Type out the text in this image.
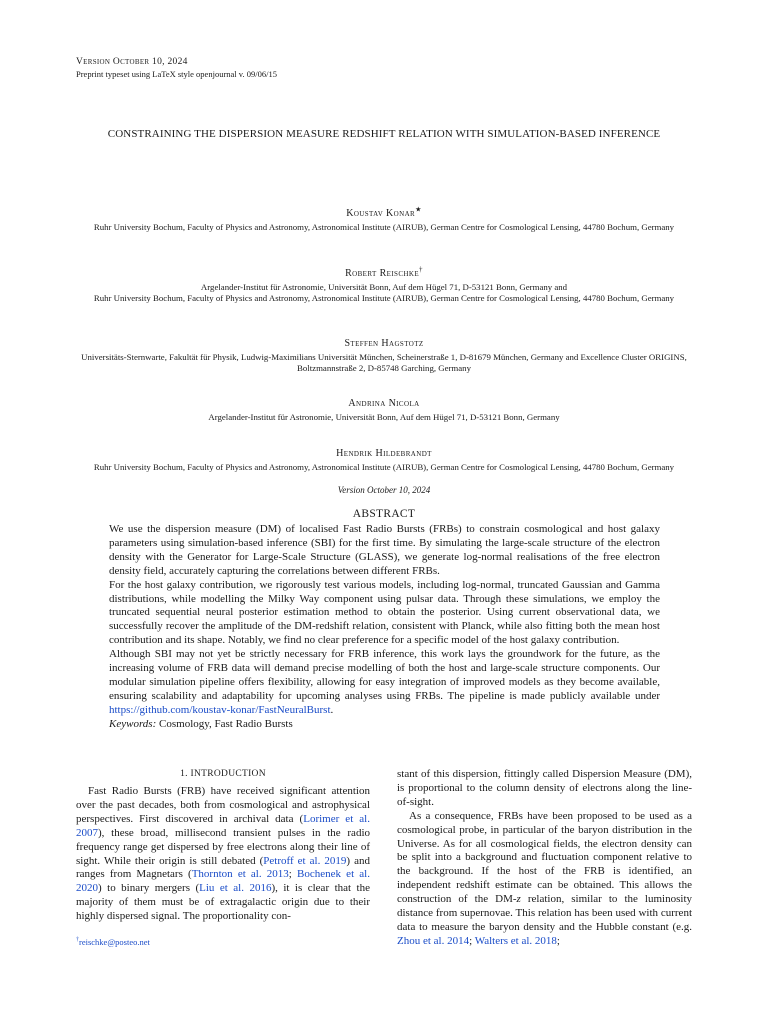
Version October 10, 2024
Preprint typeset using LaTeX style openjournal v. 09/06/15
CONSTRAINING THE DISPERSION MEASURE REDSHIFT RELATION WITH SIMULATION-BASED INFERENCE
Koustav Konar★
Ruhr University Bochum, Faculty of Physics and Astronomy, Astronomical Institute (AIRUB), German Centre for Cosmological Lensing, 44780 Bochum, Germany
Robert Reischke†
Argelander-Institut für Astronomie, Universität Bonn, Auf dem Hügel 71, D-53121 Bonn, Germany and
Ruhr University Bochum, Faculty of Physics and Astronomy, Astronomical Institute (AIRUB), German Centre for Cosmological Lensing, 44780 Bochum, Germany
Steffen Hagstotz
Universitäts-Sternwarte, Fakultät für Physik, Ludwig-Maximilians Universität München, Scheinerstraße 1, D-81679 München, Germany and Excellence Cluster ORIGINS, Boltzmannstraße 2, D-85748 Garching, Germany
Andrina Nicola
Argelander-Institut für Astronomie, Universität Bonn, Auf dem Hügel 71, D-53121 Bonn, Germany
Hendrik Hildebrandt
Ruhr University Bochum, Faculty of Physics and Astronomy, Astronomical Institute (AIRUB), German Centre for Cosmological Lensing, 44780 Bochum, Germany
Version October 10, 2024
ABSTRACT

We use the dispersion measure (DM) of localised Fast Radio Bursts (FRBs) to constrain cosmological and host galaxy parameters using simulation-based inference (SBI) for the first time. By simulating the large-scale structure of the electron density with the Generator for Large-Scale Structure (GLASS), we generate log-normal realisations of the free electron density field, accurately capturing the correlations between different FRBs.

For the host galaxy contribution, we rigorously test various models, including log-normal, truncated Gaussian and Gamma distributions, while modelling the Milky Way component using pulsar data. Through these simulations, we employ the truncated sequential neural posterior estimation method to obtain the posterior. Using current observational data, we successfully recover the amplitude of the DM-redshift relation, consistent with Planck, while also fitting both the mean host contribution and its shape. Notably, we find no clear preference for a specific model of the host galaxy contribution.

Although SBI may not yet be strictly necessary for FRB inference, this work lays the groundwork for the future, as the increasing volume of FRB data will demand precise modelling of both the host and large-scale structure components. Our modular simulation pipeline offers flexibility, allowing for easy integration of improved models as they become available, ensuring scalability and adaptability for upcoming analyses using FRBs. The pipeline is made publicly available under https://github.com/koustav-konar/FastNeuralBurst.

Keywords: Cosmology, Fast Radio Bursts

1. INTRODUCTION

Fast Radio Bursts (FRB) have received significant attention over the past decades, both from cosmological and astrophysical perspectives. First discovered in archival data (Lorimer et al. 2007), these broad, millisecond transient pulses in the radio frequency range get dispersed by free electrons along their line of sight. While their origin is still debated (Petroff et al. 2019) and ranges from Magnetars (Thornton et al. 2013; Bochenek et al. 2020) to binary mergers (Liu et al. 2016), it is clear that the majority of them must be of extragalactic origin due to their highly dispersed signal. The proportionality con-

stant of this dispersion, fittingly called Dispersion Measure (DM), is proportional to the column density of electrons along the line-of-sight.

As a consequence, FRBs have been proposed to be used as a cosmological probe, in particular of the baryon distribution in the Universe. As for all cosmological fields, the electron density can be split into a background and fluctuation component relative to the background. If the host of the FRB is identified, an independent redshift estimate can be obtained. This allows the construction of the DM-z relation, similar to the luminosity distance from supernovae. This relation has been used with current data to measure the baryon density and the Hubble constant (e.g. Zhou et al. 2014; Walters et al. 2018;

†reischke@posteo.net
